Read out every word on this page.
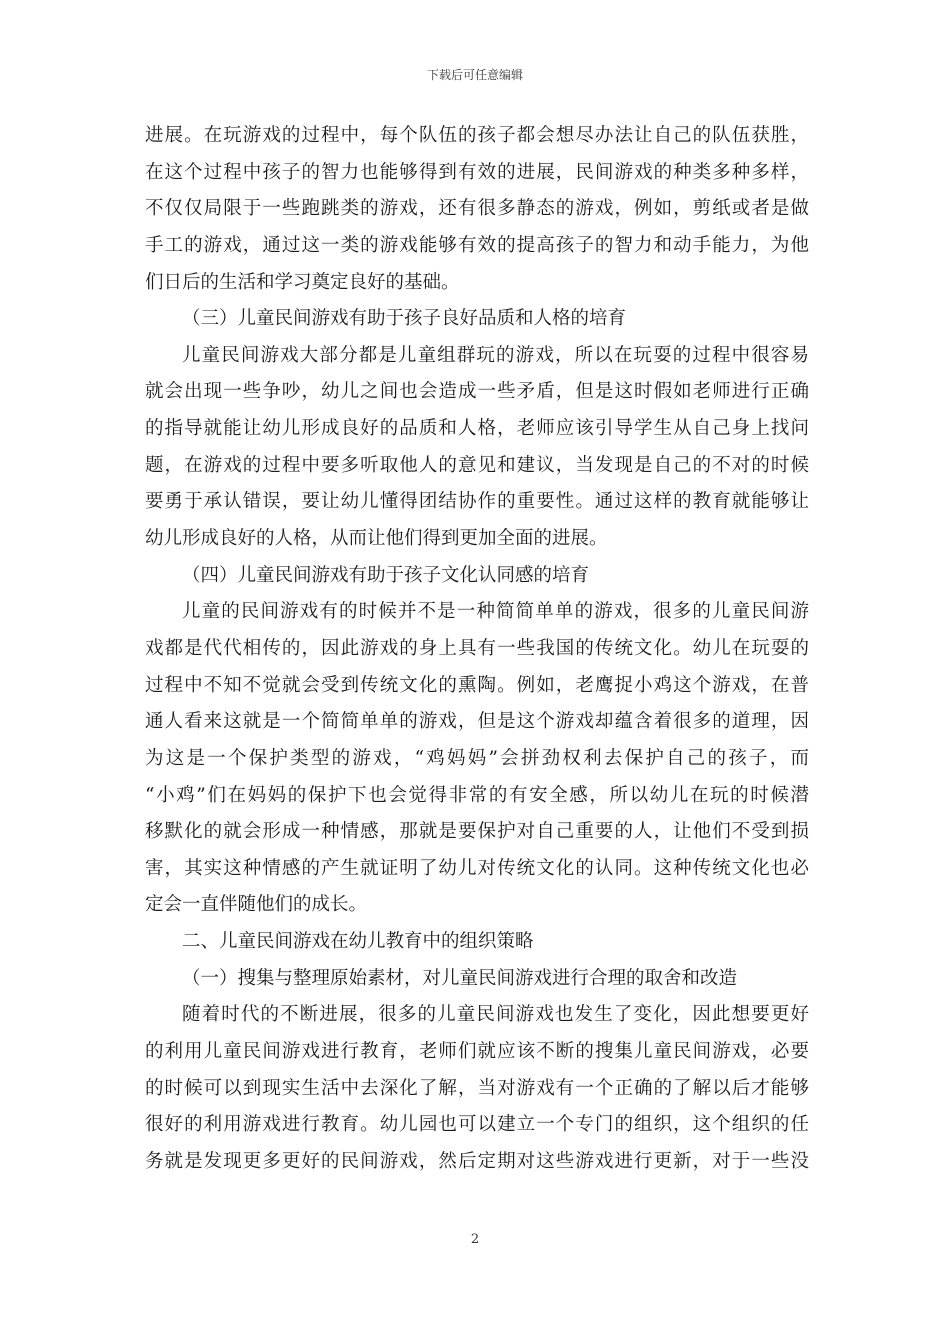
下载后可任意编辑
进展。在玩游戏的过程中，每个队伍的孩子都会想尽办法让自己的队伍获胜，
在这个过程中孩子的智力也能够得到有效的进展，民间游戏的种类多种多样，
不仅仅局限于一些跑跳类的游戏，还有很多静态的游戏，例如，剪纸或者是做
手工的游戏，通过这一类的游戏能够有效的提高孩子的智力和动手能力，为他
们日后的生活和学习奠定良好的基础。
（三）儿童民间游戏有助于孩子良好品质和人格的培育
儿童民间游戏大部分都是儿童组群玩的游戏，所以在玩耍的过程中很容易
就会出现一些争吵，幼儿之间也会造成一些矛盾，但是这时假如老师进行正确
的指导就能让幼儿形成良好的品质和人格，老师应该引导学生从自己身上找问
题，在游戏的过程中要多听取他人的意见和建议，当发现是自己的不对的时候
要勇于承认错误，要让幼儿懂得团结协作的重要性。通过这样的教育就能够让
幼儿形成良好的人格，从而让他们得到更加全面的进展。
（四）儿童民间游戏有助于孩子文化认同感的培育
儿童的民间游戏有的时候并不是一种简简单单的游戏，很多的儿童民间游
戏都是代代相传的，因此游戏的身上具有一些我国的传统文化。幼儿在玩耍的
过程中不知不觉就会受到传统文化的熏陶。例如，老鹰捉小鸡这个游戏，在普
通人看来这就是一个简简单单的游戏，但是这个游戏却蕴含着很多的道理，因
为这是一个保护类型的游戏，“鸡妈妈”会拼劲权利去保护自己的孩子，而
“小鸡”们在妈妈的保护下也会觉得非常的有安全感，所以幼儿在玩的时候潜
移默化的就会形成一种情感，那就是要保护对自己重要的人，让他们不受到损
害，其实这种情感的产生就证明了幼儿对传统文化的认同。这种传统文化也必
定会一直伴随他们的成长。
二、儿童民间游戏在幼儿教育中的组织策略
（一）搜集与整理原始素材，对儿童民间游戏进行合理的取舍和改造
随着时代的不断进展，很多的儿童民间游戏也发生了变化，因此想要更好
的利用儿童民间游戏进行教育，老师们就应该不断的搜集儿童民间游戏，必要
的时候可以到现实生活中去深化了解，当对游戏有一个正确的了解以后才能够
很好的利用游戏进行教育。幼儿园也可以建立一个专门的组织，这个组织的任
务就是发现更多更好的民间游戏，然后定期对这些游戏进行更新，对于一些没
2
